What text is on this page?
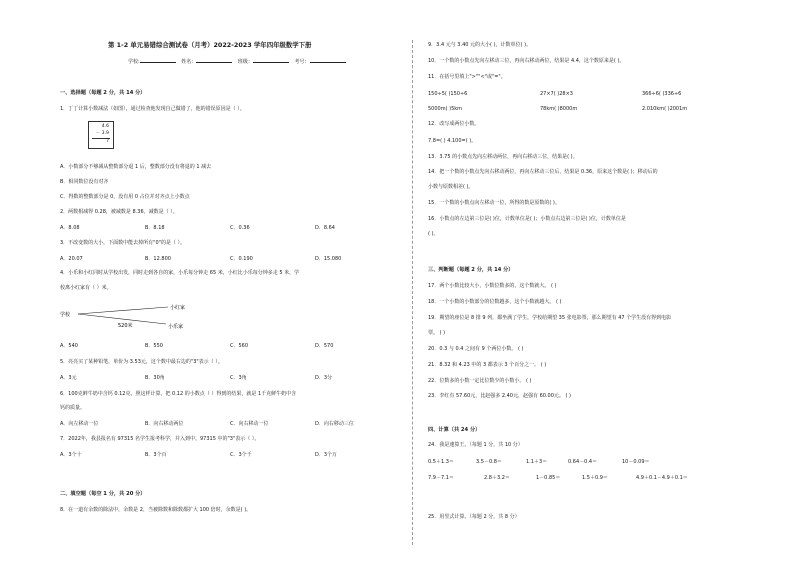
第 1-2 单元易错综合测试卷（月考）2022-2023 学年四年级数学下册
学校:	姓名：	班级：	考号：
一、选择题（每题 2 分，共 14 分）
1．丁丁计算小数减法（如图），通过检查他发现自己做错了，他的错误原因是（ ）。
4.6
－ 3.9
7
A．小数部分不够减从整数部分退 1 后，整数部分没有将退的 1 减去
B．相同数位没有对齐
C．得数的整数部分是 0，没有用 0 占位并对齐点上小数点
2．两数相减得 0.28，被减数是 8.36，减数是（ ）。
A．8.08	B．8.18	C．0.36	D．8.64
3．不改变数的大小，下面数中能去掉所有"0"的是（ ）。
A．20.07	B．12.800	C．0.190	D．15.080
4．小乐和小红同时从学校出发，同时走到各自的家，小乐每分钟走 65 米，小红比小乐每分钟多走 5 米，学
校离小红家有（ ）米。
学校
小红家
小乐家
520米
A．540	B．550	C．560	D．570
5．亮亮买了某种铅笔，单价为 3.53元，这个数中最右边的"3"表示（ ）。
A．3元	B．30角	C．3角	D．3分
6．100克鲜牛奶中含钙 0.12克，照这样计算，把 0.12 的小数点（ ）得到的结果，就是 1千克鲜牛奶中含
钙的质量。
A．向左移动一位	B．向右移动两位	C．向右移动一位	D．向右移动三位
7．2022年，我县报名有 97315 名学生报考科学，并入到中。97315 中的"3"表示（ ）。
A．3个十	B．3个百	C．3个千	D．3个万
二、填空题（每空 1 分，共 20 分）
8．在一道有余数的除法中，余数是 2，当被除数和除数都扩大 100 倍时，余数是( )。
9．3.4 元与 3.40 元的大小( )，计数单位( )。
10．一个数的小数点先向左移动三位，再向右移动两位，结果是 4.4，这个数原来是( )。
11．在括号里填上">""<"或"="。
150÷5( )150÷6	27×7( )28×3	366÷6( )336÷6
5000m( )5km	78km( )8000m	2.010km( )2001m
12．改写成两位小数。
7.8=( ) 4.100=( )。
13．3.75 的小数点先向左移动两位，再向右移动三位，结果是( )。
14．把一个数的小数点先向右移动两位，再向左移动三位后，结果是 0.36，原来这个数是( )；移动后的
小数与原数相差( )。
15．一个数的小数点向左移动一位，所得的数是原数的( )。
16．小数点的左边第三位是( )位，计数单位是( )；小数点右边第三位是( )位，计数单位是
( )。
三、判断题（每题 2 分，共 14 分）
17．两个小数比较大小，小数位数多的，这个数就大。 ( )
18．一个小数的小数部分的位数越多，这个小数就越大。 ( )
19．期望的座位是 8 排 9 列，都坐满了学生，学校给期望 35 张电影票，那么期望有 47 个学生没有得到电影
票。 ( )
20．0.3 与 0.4 之间有 9 个两位小数。 ( )
21．8.32 和 4.23 中的 3 都表示 3 个百分之一。 ( )
22．位数多的小数一定比位数少的小数小。 ( )
23．李红有 57.60元，比赵强多 2.40元，赵强有 60.00元。 ( )
四、计算（共 24 分）
24．我是速算王。（每题 1 分，共 10 分）
0.5＋1.3＝	3.5－0.8＝	1.1＋3＝	0.64－0.4＝	10－0.09＝
7.9－7.1＝	2.8＋3.2＝	1－0.85＝	1.5＋0.9＝	4.9＋0.1－4.9＋0.1＝
25．用竖式计算。（每题 2 分，共 8 分）
